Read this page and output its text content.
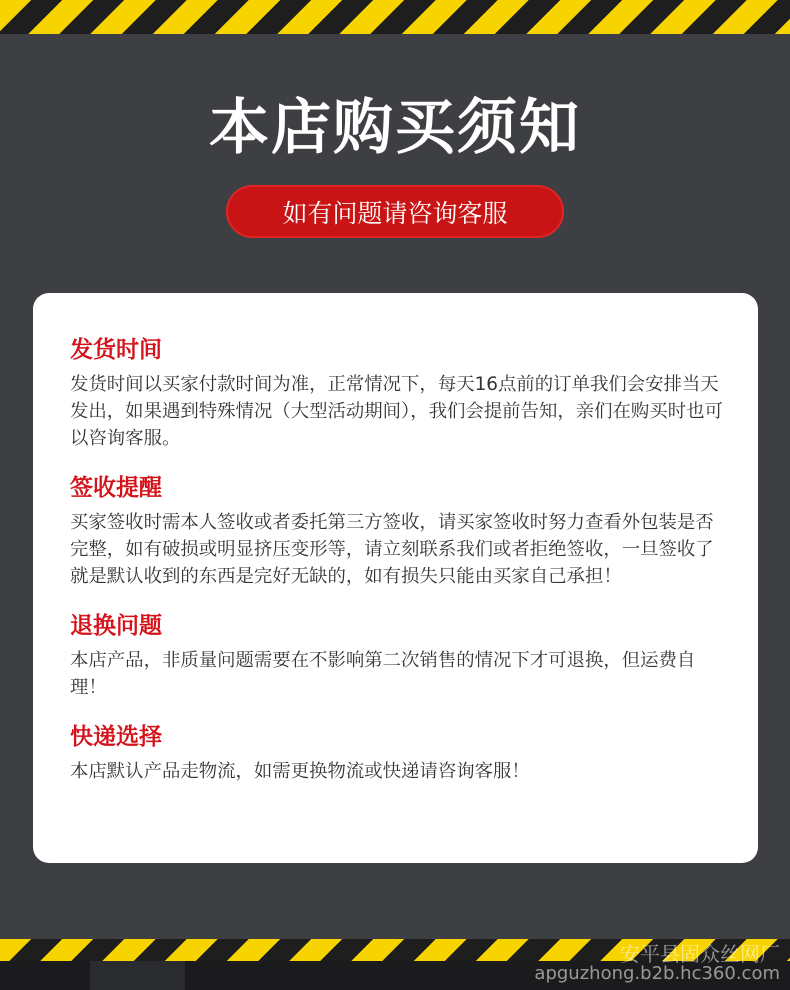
本店购买须知
如有问题请咨询客服
发货时间

发货时间以买家付款时间为准，正常情况下，每天16点前的订单我们会安排当天发出，如果遇到特殊情况（大型活动期间），我们会提前告知，亲们在购买时也可以咨询客服。

签收提醒

买家签收时需本人签收或者委托第三方签收，请买家签收时努力查看外包装是否完整，如有破损或明显挤压变形等，请立刻联系我们或者拒绝签收，一旦签收了就是默认收到的东西是完好无缺的，如有损失只能由买家自己承担！

退换问题

本店产品，非质量问题需要在不影响第二次销售的情况下才可退换，但运费自理！

快递选择

本店默认产品走物流，如需更换物流或快递请咨询客服！

安平县固众丝网厂
apguzhong.b2b.hc360.com
